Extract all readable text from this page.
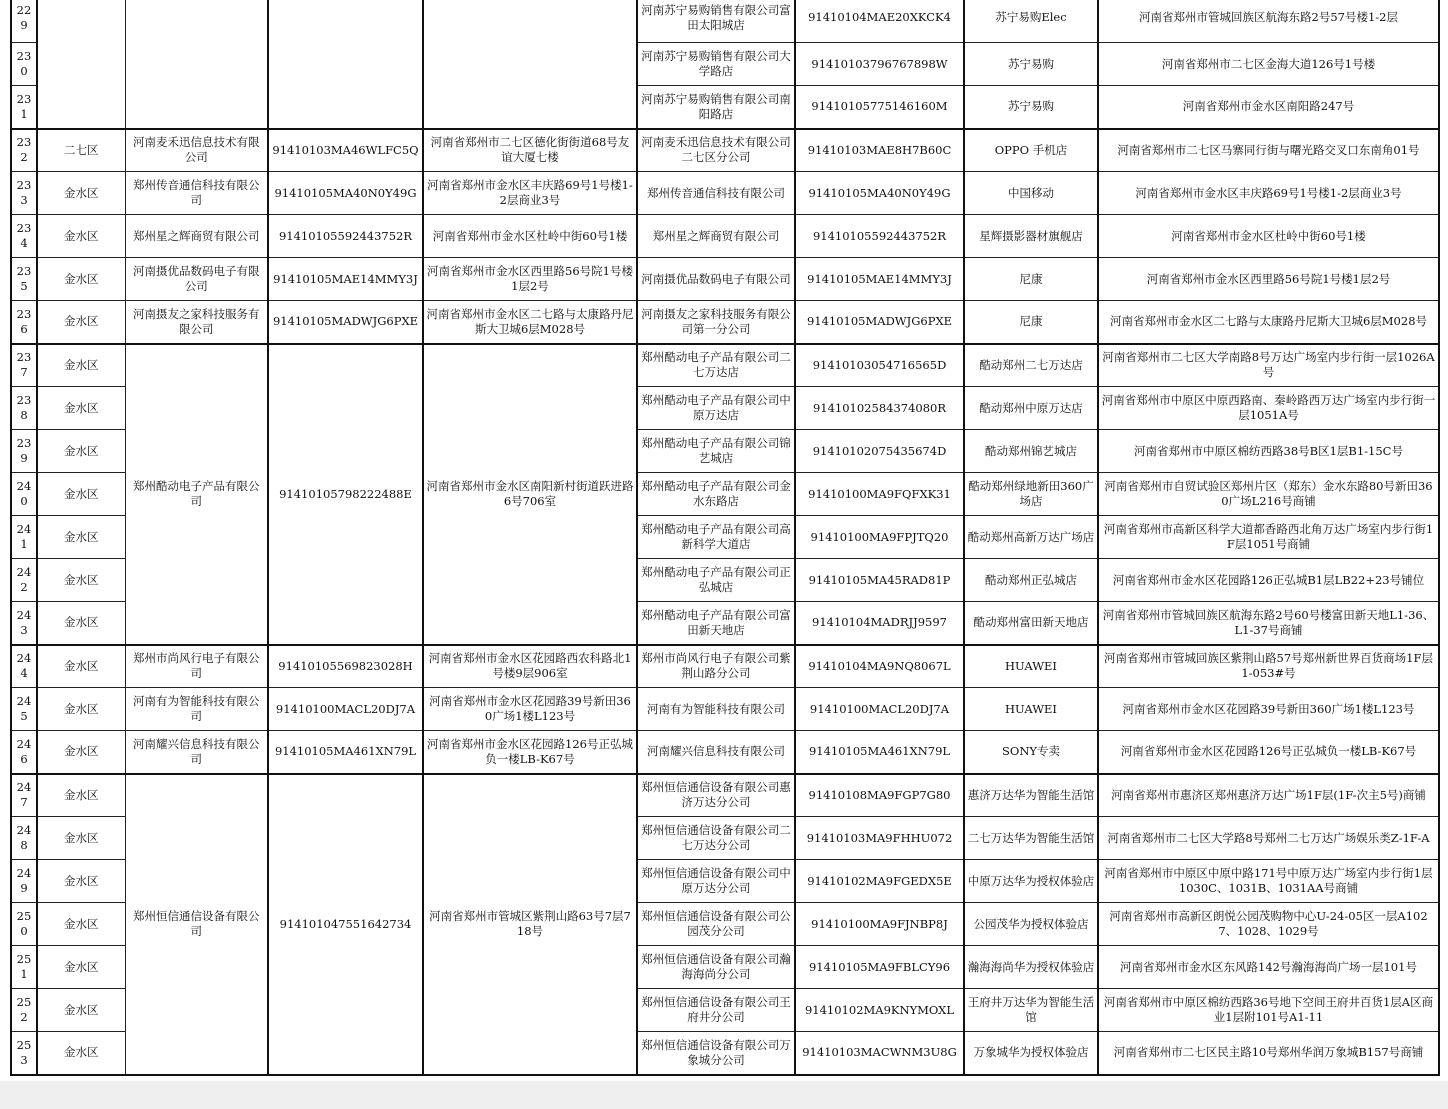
229					河南苏宁易购销售有限公司富田太阳城店	91410104MAE20XKCK4	苏宁易购Elec	河南省郑州市管城回族区航海东路2号57号楼1-2层
230					河南苏宁易购销售有限公司大学路店	91410103796767898W	苏宁易购	河南省郑州市二七区金海大道126号1号楼
231					河南苏宁易购销售有限公司南阳路店	91410105775146160M	苏宁易购	河南省郑州市金水区南阳路247号
232	二七区	河南麦禾迅信息技术有限公司	91410103MA46WLFC5Q	河南省郑州市二七区德化街街道68号友谊大厦七楼	河南麦禾迅信息技术有限公司二七区分公司	91410103MAE8H7B60C	OPPO 手机店	河南省郑州市二七区马寨同行街与曙光路交叉口东南角01号
233	金水区	郑州传音通信科技有限公司	91410105MA40N0Y49G	河南省郑州市金水区丰庆路69号1号楼1-2层商业3号	郑州传音通信科技有限公司	91410105MA40N0Y49G	中国移动	河南省郑州市金水区丰庆路69号1号楼1-2层商业3号
234	金水区	郑州星之辉商贸有限公司	91410105592443752R	河南省郑州市金水区杜岭中街60号1楼	郑州星之辉商贸有限公司	91410105592443752R	星辉摄影器材旗舰店	河南省郑州市金水区杜岭中街60号1楼
235	金水区	河南摄优品数码电子有限公司	91410105MAE14MMY3J	河南省郑州市金水区西里路56号院1号楼1层2号	河南摄优品数码电子有限公司	91410105MAE14MMY3J	尼康	河南省郑州市金水区西里路56号院1号楼1层2号
236	金水区	河南摄友之家科技服务有限公司	91410105MADWJG6PXE	河南省郑州市金水区二七路与太康路丹尼斯大卫城6层M028号	河南摄友之家科技服务有限公司第一分公司	91410105MADWJG6PXE	尼康	河南省郑州市金水区二七路与太康路丹尼斯大卫城6层M028号
237	金水区	郑州酷动电子产品有限公司	91410105798222488E	河南省郑州市金水区南阳新村街道跃进路6号706室	郑州酷动电子产品有限公司二七万达店	91410103054716565D	酷动郑州二七万达店	河南省郑州市二七区大学南路8号万达广场室内步行街一层1026A号
238	金水区				郑州酷动电子产品有限公司中原万达店	91410102584374080R	酷动郑州中原万达店	河南省郑州市中原区中原西路南、秦岭路西万达广场室内步行街一层1051A号
239	金水区				郑州酷动电子产品有限公司锦艺城店	91410102075435674D	酷动郑州锦艺城店	河南省郑州市中原区棉纺西路38号B区1层B1-15C号
240	金水区				郑州酷动电子产品有限公司金水东路店	91410100MA9FQFXK31	酷动郑州绿地新田360广场店	河南省郑州市自贸试验区郑州片区（郑东）金水东路80号新田360广场L216号商铺
241	金水区				郑州酷动电子产品有限公司高新科学大道店	91410100MA9FPJTQ20	酷动郑州高新万达广场店	河南省郑州市高新区科学大道都香路西北角万达广场室内步行街1F层1051号商铺
242	金水区				郑州酷动电子产品有限公司正弘城店	91410105MA45RAD81P	酷动郑州正弘城店	河南省郑州市金水区花园路126正弘城B1层LB22+23号铺位
243	金水区				郑州酷动电子产品有限公司富田新天地店	91410104MADRJJ9597	酷动郑州富田新天地店	河南省郑州市管城回族区航海东路2号60号楼富田新天地L1-36、L1-37号商铺
244	金水区	郑州市尚风行电子有限公司	91410105569823028H	河南省郑州市金水区花园路西农科路北1号楼9层906室	郑州市尚风行电子有限公司紫荆山路分公司	91410104MA9NQ8067L	HUAWEI	河南省郑州市管城回族区紫荆山路57号郑州新世界百货商场1F层1-053#号
245	金水区	河南有为智能科技有限公司	91410100MACL20DJ7A	河南省郑州市金水区花园路39号新田360广场1楼L123号	河南有为智能科技有限公司	91410100MACL20DJ7A	HUAWEI	河南省郑州市金水区花园路39号新田360广场1楼L123号
246	金水区	河南耀兴信息科技有限公司	91410105MA461XN79L	河南省郑州市金水区花园路126号正弘城负一楼LB-K67号	河南耀兴信息科技有限公司	91410105MA461XN79L	SONY专卖	河南省郑州市金水区花园路126号正弘城负一楼LB-K67号
247	金水区	郑州恒信通信设备有限公司	914101047551642734	河南省郑州市管城区紫荆山路63号7层718号	郑州恒信通信设备有限公司惠济万达分公司	91410108MA9FGP7G80	惠济万达华为智能生活馆	河南省郑州市惠济区郑州惠济万达广场1F层(1F-次主5号)商铺
248	金水区				郑州恒信通信设备有限公司二七万达分公司	91410103MA9FHHU072	二七万达华为智能生活馆	河南省郑州市二七区大学路8号郑州二七万达广场娱乐类Z-1F-A
249	金水区				郑州恒信通信设备有限公司中原万达分公司	91410102MA9FGEDX5E	中原万达华为授权体验店	河南省郑州市中原区中原中路171号中原万达广场室内步行街1层1030C、1031B、1031AA号商铺
250	金水区				郑州恒信通信设备有限公司公园茂分公司	91410100MA9FJNBP8J	公园茂华为授权体验店	河南省郑州市高新区朗悦公园茂购物中心U-24-05区一层A1027、1028、1029号
251	金水区				郑州恒信通信设备有限公司瀚海海尚分公司	91410105MA9FBLCY96	瀚海海尚华为授权体验店	河南省郑州市金水区东风路142号瀚海海尚广场一层101号
252	金水区				郑州恒信通信设备有限公司王府井分公司	91410102MA9KNYMOXL	王府井万达华为智能生活馆	河南省郑州市中原区棉纺西路36号地下空间王府井百货1层A区商业1层附101号A1-11
253	金水区				郑州恒信通信设备有限公司万象城分公司	91410103MACWNM3U8G	万象城华为授权体验店	河南省郑州市二七区民主路10号郑州华润万象城B157号商铺
